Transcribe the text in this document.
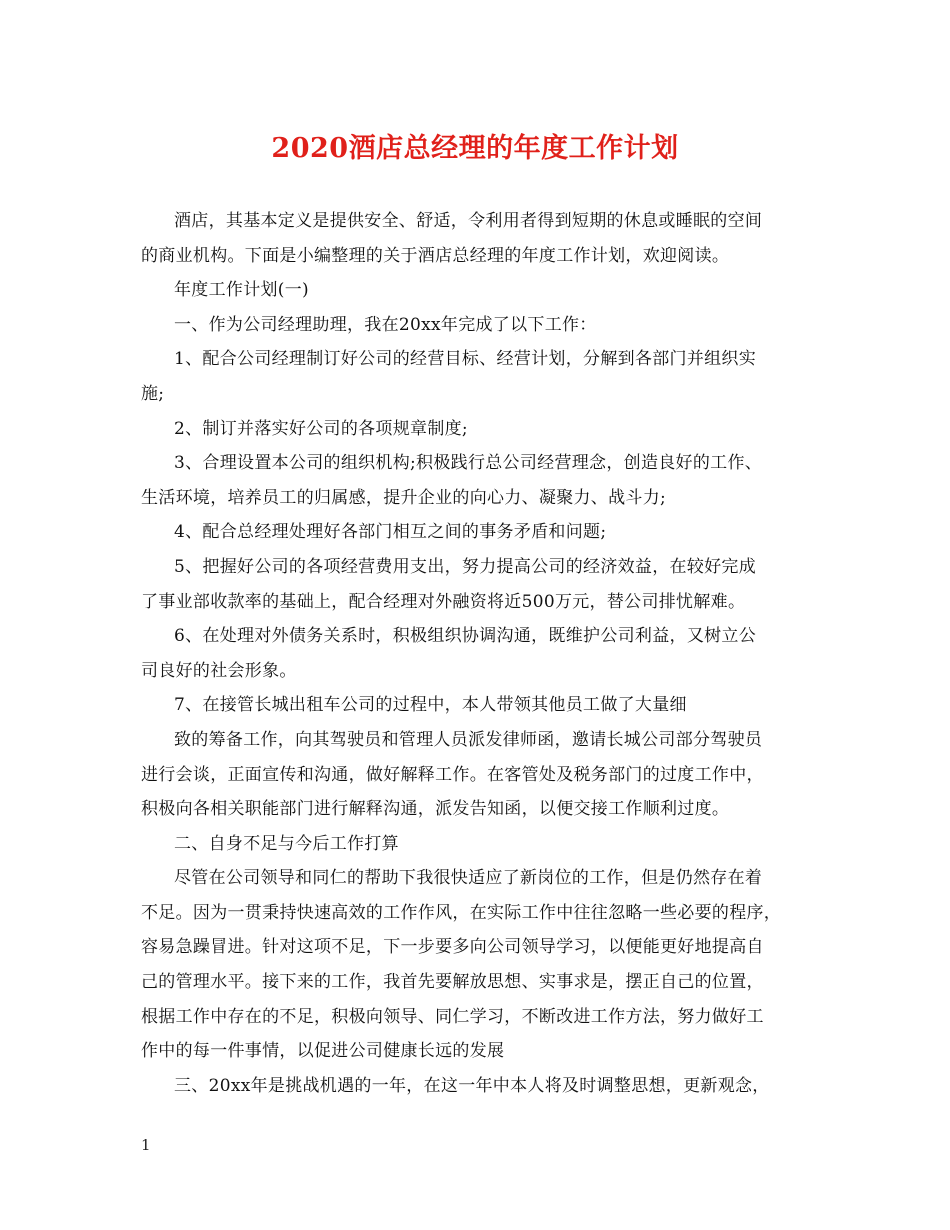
2020酒店总经理的年度工作计划
酒店，其基本定义是提供安全、舒适，令利用者得到短期的休息或睡眠的空间
的商业机构。下面是小编整理的关于酒店总经理的年度工作计划，欢迎阅读。
年度工作计划(一)
一、作为公司经理助理，我在20xx年完成了以下工作：
1、配合公司经理制订好公司的经营目标、经营计划，分解到各部门并组织实
施;
2、制订并落实好公司的各项规章制度;
3、合理设置本公司的组织机构;积极践行总公司经营理念，创造良好的工作、
生活环境，培养员工的归属感，提升企业的向心力、凝聚力、战斗力;
4、配合总经理处理好各部门相互之间的事务矛盾和问题;
5、把握好公司的各项经营费用支出，努力提高公司的经济效益，在较好完成
了事业部收款率的基础上，配合经理对外融资将近500万元，替公司排忧解难。
6、在处理对外债务关系时，积极组织协调沟通，既维护公司利益，又树立公
司良好的社会形象。
7、在接管长城出租车公司的过程中，本人带领其他员工做了大量细
致的筹备工作，向其驾驶员和管理人员派发律师函，邀请长城公司部分驾驶员
进行会谈，正面宣传和沟通，做好解释工作。在客管处及税务部门的过度工作中，
积极向各相关职能部门进行解释沟通，派发告知函，以便交接工作顺利过度。
二、自身不足与今后工作打算
尽管在公司领导和同仁的帮助下我很快适应了新岗位的工作，但是仍然存在着
不足。因为一贯秉持快速高效的工作作风，在实际工作中往往忽略一些必要的程序，
容易急躁冒进。针对这项不足，下一步要多向公司领导学习，以便能更好地提高自
己的管理水平。接下来的工作，我首先要解放思想、实事求是，摆正自己的位置，
根据工作中存在的不足，积极向领导、同仁学习，不断改进工作方法，努力做好工
作中的每一件事情，以促进公司健康长远的发展
三、20xx年是挑战机遇的一年，在这一年中本人将及时调整思想，更新观念，
1
